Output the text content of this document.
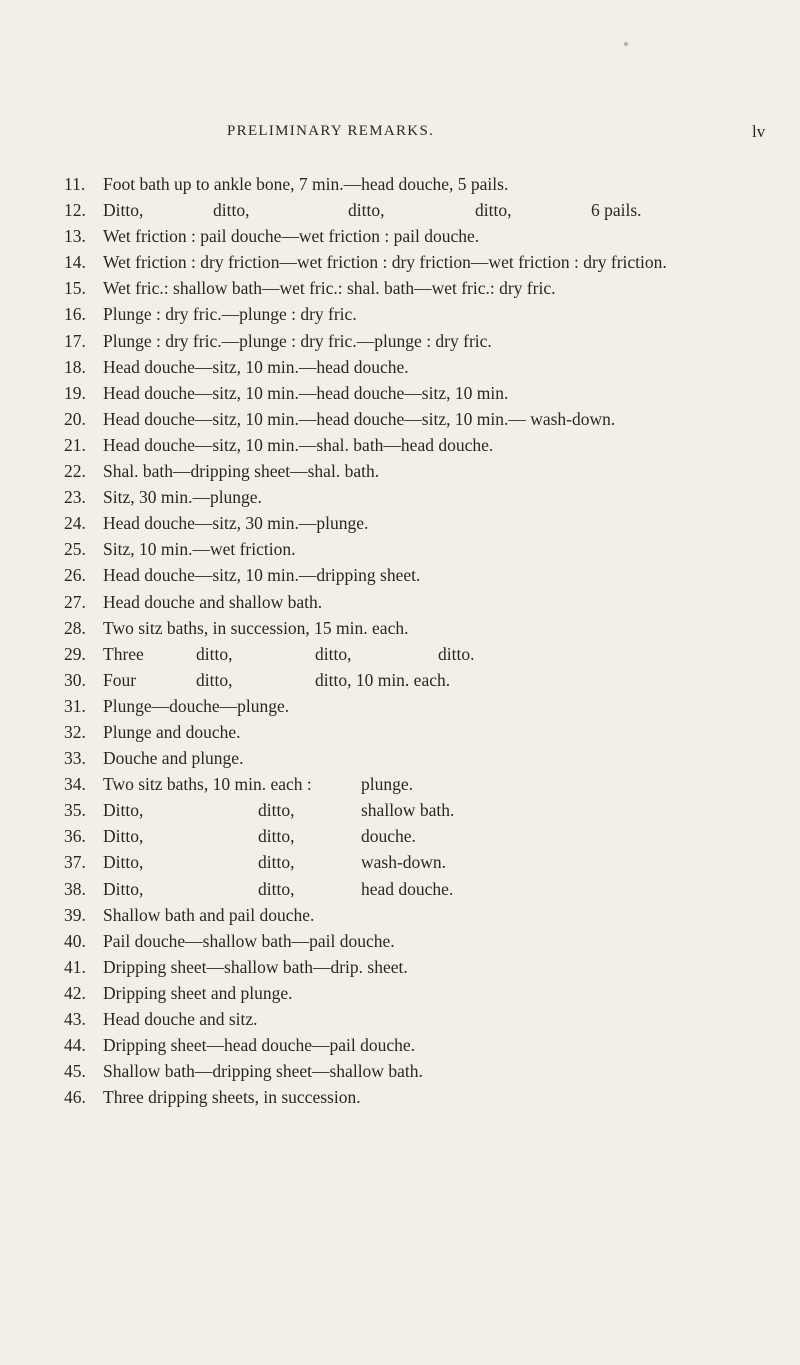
PRELIMINARY REMARKS.	lv
11.	Foot bath up to ankle bone, 7 min.—head douche, 5 pails.
12. Ditto,	ditto,	ditto,	ditto,	6 pails.
13. Wet friction : pail douche—wet friction : pail douche.
14. Wet friction : dry friction—wet friction : dry friction—wet friction : dry friction.
15. Wet fric.: shallow bath—wet fric.: shal. bath—wet fric.: dry fric.
16. Plunge : dry fric.—plunge : dry fric.
17. Plunge : dry fric.—plunge : dry fric.—plunge : dry fric.
18. Head douche—sitz, 10 min.—head douche.
19. Head douche—sitz, 10 min.—head douche—sitz, 10 min.
20. Head douche—sitz, 10 min.—head douche—sitz, 10 min.— wash-down.
21. Head douche—sitz, 10 min.—shal. bath—head douche.
22. Shal. bath—dripping sheet—shal. bath.
23. Sitz, 30 min.—plunge.
24. Head douche—sitz, 30 min.—plunge.
25. Sitz, 10 min.—wet friction.
26. Head douche—sitz, 10 min.—dripping sheet.
27. Head douche and shallow bath.
28. Two sitz baths, in succession, 15 min. each.
29. Three	ditto,	ditto,	ditto.
30. Four	ditto,	ditto, 10 min. each.
31. Plunge—douche—plunge.
32. Plunge and douche.
33. Douche and plunge.
34. Two sitz baths, 10 min. each :	plunge.
35. Ditto,	ditto,	shallow bath.
36. Ditto,	ditto,	douche.
37. Ditto,	ditto,	wash-down.
38. Ditto,	ditto,	head douche.
39. Shallow bath and pail douche.
40. Pail douche—shallow bath—pail douche.
41. Dripping sheet—shallow bath—drip. sheet.
42. Dripping sheet and plunge.
43. Head douche and sitz.
44. Dripping sheet—head douche—pail douche.
45. Shallow bath—dripping sheet—shallow bath.
46. Three dripping sheets, in succession.
